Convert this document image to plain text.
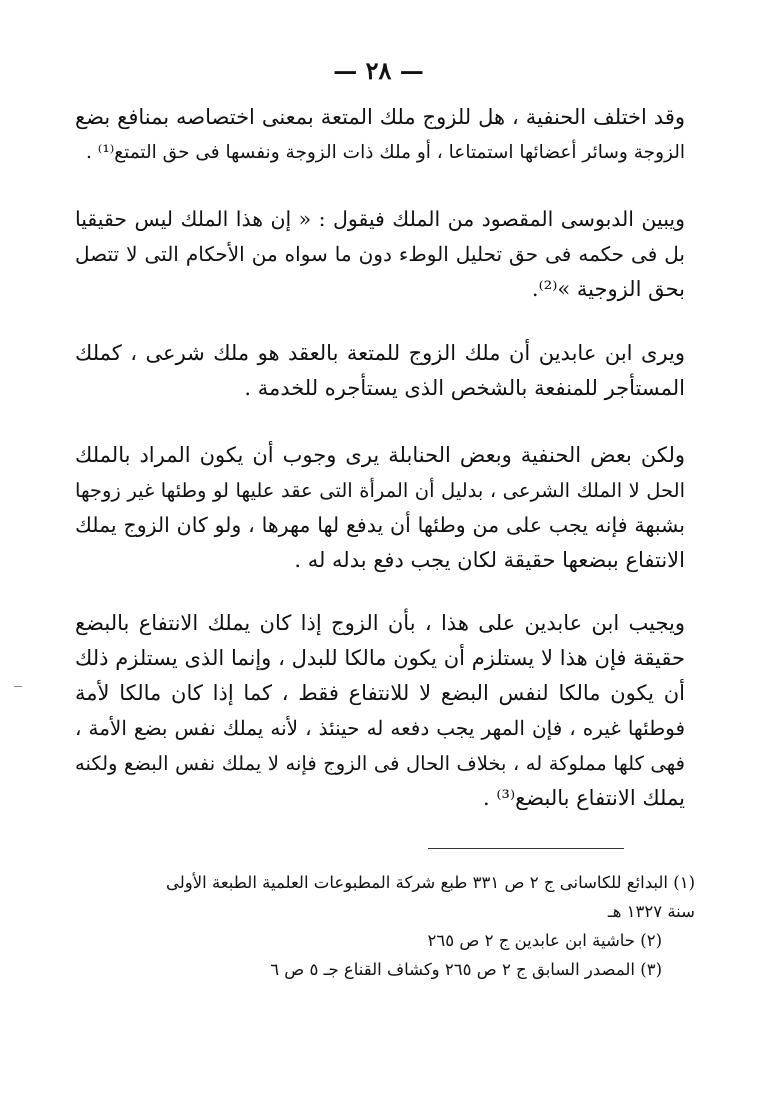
— ٢٨ —
وقد اختلف الحنفية ، هل للزوج ملك المتعة بمعنى اختصاصه بمنافع بضع
الزوجة وسائر أعضائها استمتاعا ، أو ملك ذات الزوجة ونفسها فى حق التمتع⁽¹⁾ .
ويبين الدبوسى المقصود من الملك فيقول : « إن هذا الملك ليس حقيقيا
بل فى حكمه فى حق تحليل الوطء دون ما سواه من الأحكام التى لا تتصل
بحق الزوجية »⁽²⁾.
ويرى ابن عابدين أن ملك الزوج للمتعة بالعقد هو ملك شرعى ، كملك
المستأجر للمنفعة بالشخص الذى يستأجره للخدمة .
ولكن بعض الحنفية وبعض الحنابلة يرى وجوب أن يكون المراد بالملك
الحل لا الملك الشرعى ، بدليل أن المرأة التى عقد عليها لو وطئها غير زوجها
بشبهة فإنه يجب على من وطئها أن يدفع لها مهرها ، ولو كان الزوج يملك
الانتفاع ببضعها حقيقة لكان يجب دفع بدله له .
ويجيب ابن عابدين على هذا ، بأن الزوج إذا كان يملك الانتفاع بالبضع
حقيقة فإن هذا لا يستلزم أن يكون مالكا للبدل ، وإنما الذى يستلزم ذلك
أن يكون مالكا لنفس البضع لا للانتفاع فقط ، كما إذا كان مالكا لأمة
فوطئها غيره ، فإن المهر يجب دفعه له حينئذ ، لأنه يملك نفس بضع الأمة ،
فهى كلها مملوكة له ، بخلاف الحال فى الزوج فإنه لا يملك نفس البضع ولكنه
يملك الانتفاع بالبضع⁽³⁾ .
(١) البدائع للكاسانى ج ٢ ص ٣٣١ طبع شركة المطبوعات العلمية الطبعة الأولى
سنة ١٣٢٧ هـ
(٢) حاشية ابن عابدين ج ٢ ص ٢٦٥
(٣) المصدر السابق ج ٢ ص ٢٦٥ وكشاف القناع جـ ٥ ص ٦
